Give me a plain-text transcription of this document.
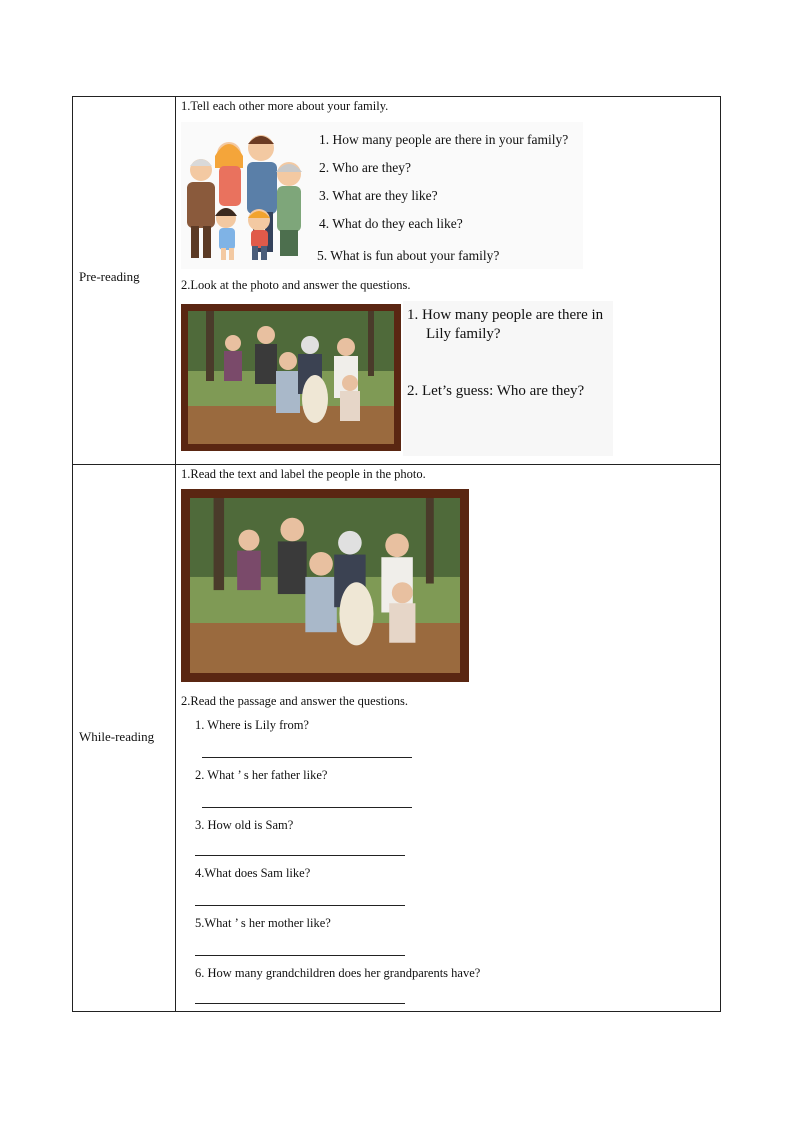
Pre-reading
1.Tell each other more about your family.
1. How many people are there in your family?
2. Who are they?
3. What are they like?
4. What do they each like?
5. What is fun about your family?
2.Look at the photo and answer the questions.
1. How many people are there in
Lily family?
2. Let’s guess: Who are they?
While-reading
1.Read the text and label the people in the photo.
2.Read the passage and answer the questions.
1. Where is Lily from?
2. What ’ s her father like?
3. How old is Sam?
4.What does Sam like?
5.What ’ s her mother like?
6. How many grandchildren does her grandparents have?
